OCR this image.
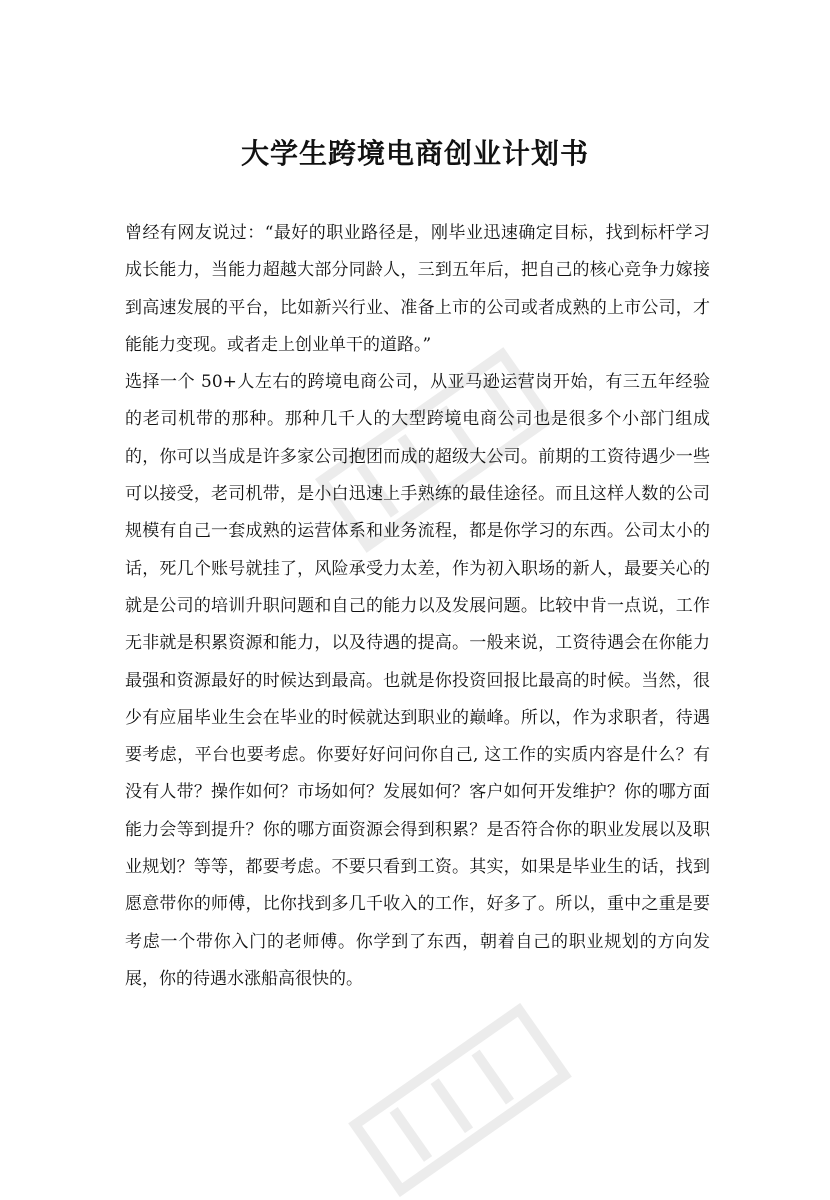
大学生跨境电商创业计划书

曾经有网友说过：“最好的职业路径是，刚毕业迅速确定目标，找到标杆学习成长能力，当能力超越大部分同龄人，三到五年后，把自己的核心竞争力嫁接到高速发展的平台，比如新兴行业、准备上市的公司或者成熟的上市公司，才能能力变现。或者走上创业单干的道路。”

选择一个 50+人左右的跨境电商公司，从亚马逊运营岗开始，有三五年经验的老司机带的那种。那种几千人的大型跨境电商公司也是很多个小部门组成的，你可以当成是许多家公司抱团而成的超级大公司。前期的工资待遇少一些可以接受，老司机带，是小白迅速上手熟练的最佳途径。而且这样人数的公司规模有自己一套成熟的运营体系和业务流程，都是你学习的东西。公司太小的话，死几个账号就挂了，风险承受力太差，作为初入职场的新人，最要关心的就是公司的培训升职问题和自己的能力以及发展问题。比较中肯一点说，工作无非就是积累资源和能力，以及待遇的提高。一般来说，工资待遇会在你能力最强和资源最好的时候达到最高。也就是你投资回报比最高的时候。当然，很少有应届毕业生会在毕业的时候就达到职业的巅峰。所以，作为求职者，待遇要考虑，平台也要考虑。你要好好问问你自己, 这工作的实质内容是什么？有没有人带？操作如何？市场如何？发展如何？客户如何开发维护？你的哪方面能力会等到提升？你的哪方面资源会得到积累？是否符合你的职业发展以及职业规划？等等，都要考虑。不要只看到工资。其实，如果是毕业生的话，找到愿意带你的师傅，比你找到多几千收入的工作，好多了。所以，重中之重是要考虑一个带你入门的老师傅。你学到了东西，朝着自己的职业规划的方向发展，你的待遇水涨船高很快的。
